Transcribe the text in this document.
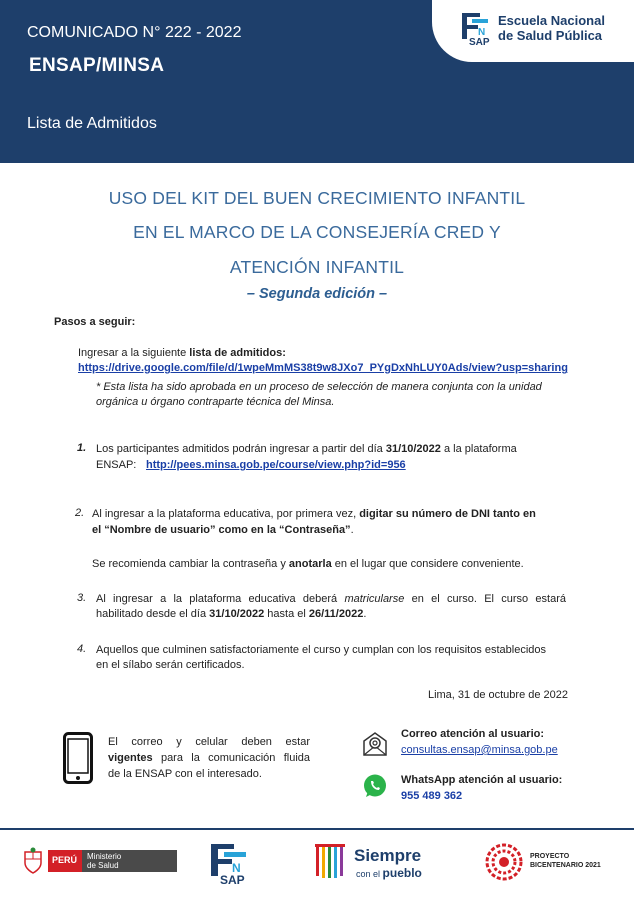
COMUNICADO N° 222 - 2022
ENSAP/MINSA
Lista de Admitidos
SAP
N
Escuela Nacional
de Salud Pública
USO DEL KIT DEL BUEN CRECIMIENTO INFANTIL
EN EL MARCO DE LA CONSEJERÍA CRED Y
ATENCIÓN INFANTIL
– Segunda edición –
Pasos a seguir:
Ingresar a la siguiente lista de admitidos:
https://drive.google.com/file/d/1wpeMmMS38t9w8JXo7_PYgDxNhLUY0Ads/view?usp=sharing
* Esta lista ha sido aprobada en un proceso de selección de manera conjunta con la unidad
orgánica u órgano contraparte técnica del Minsa.
1. Los participantes admitidos podrán ingresar a partir del día 31/10/2022 a la plataforma
ENSAP: http://pees.minsa.gob.pe/course/view.php?id=956
2. Al ingresar a la plataforma educativa, por primera vez, digitar su número de DNI tanto en
el “Nombre de usuario” como en la “Contraseña”.
Se recomienda cambiar la contraseña y anotarla en el lugar que considere conveniente.
3. Al ingresar a la plataforma educativa deberá matricularse en el curso. El curso estará
habilitado desde el día 31/10/2022 hasta el 26/11/2022.
4. Aquellos que culminen satisfactoriamente el curso y cumplan con los requisitos establecidos
en el sílabo serán certificados.
Lima, 31 de octubre de 2022
El correo y celular deben estar
vigentes para la comunicación fluida
de la ENSAP con el interesado.
Correo atención al usuario:
consultas.ensap@minsa.gob.pe
WhatsApp atención al usuario:
955 489 362
PERÚ Ministerio
de Salud
SAP
N
Siempre
con el pueblo
PROYECTO
BICENTENARIO 2021
